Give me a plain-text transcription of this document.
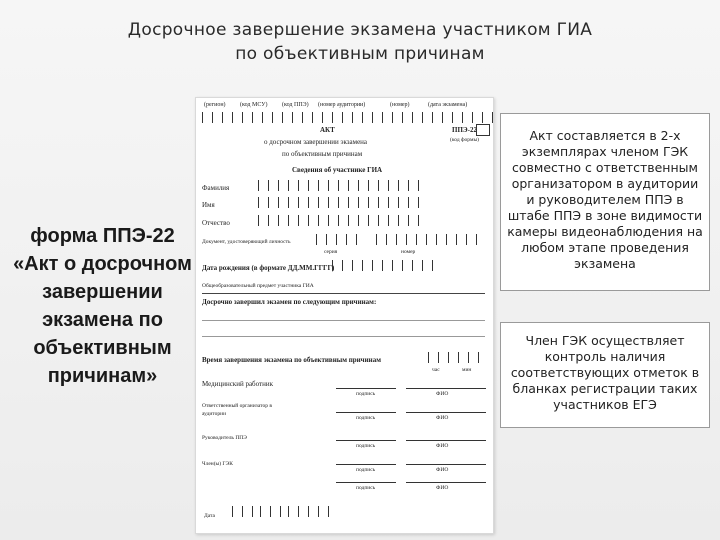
Досрочное завершение экзамена участником ГИА
по объективным причинам
форма ППЭ-22 «Акт о досрочном завершении экзамена по объективным причинам»
(регион) (код МСУ) (код ППЭ) (номер аудитории)	(номер)	(дата экзамена)
АКТ	ППЭ-22
(код формы)
о досрочном завершении экзамена
по объективным причинам
Сведения об участнике ГИА
Фамилия
Имя
Отчество
Документ, удостоверяющий личность
серия	номер
Дата рождения (в формате ДД.ММ.ГГГГ)
Общеобразовательный предмет участника ГИА
Досрочно завершил экзамен по следующим причинам:
Время завершения экзамена по объективным причинам
час	мин
Медицинский работник
подпись	ФИО
Ответственный организатор в аудитории
подпись	ФИО
Руководитель ППЭ
подпись	ФИО
Член(ы) ГЭК
подпись	ФИО
подпись	ФИО
Дата
Акт составляется в 2-х экземплярах членом ГЭК совместно с ответственным организатором в аудитории и руководителем ППЭ в штабе ППЭ в зоне видимости камеры видеонаблюдения на любом этапе проведения экзамена
Член ГЭК осуществляет контроль наличия соответствующих отметок в бланках регистрации таких участников ЕГЭ
